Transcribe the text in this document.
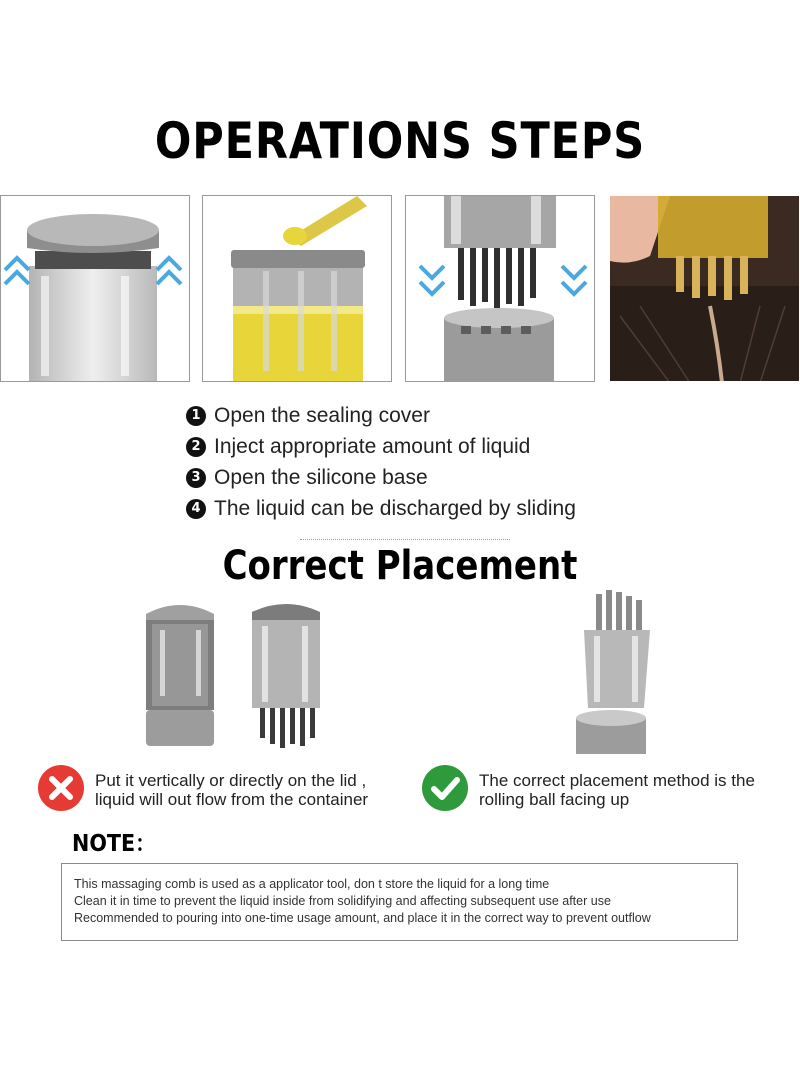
OPERATIONS STEPS
1 Open the sealing cover
2 Inject appropriate amount of liquid
3 Open the silicone base
4 The liquid can be discharged by sliding
Correct Placement
Put it vertically or directly on the lid ,
liquid will out flow from the container
The correct placement method is the
rolling ball facing up
NOTE：
This massaging comb is used as a applicator tool, don t store the liquid for a long time
Clean it in time to prevent the liquid inside from solidifying and affecting subsequent use after use
Recommended to pouring into one-time usage amount, and place it in the correct way to prevent outflow
